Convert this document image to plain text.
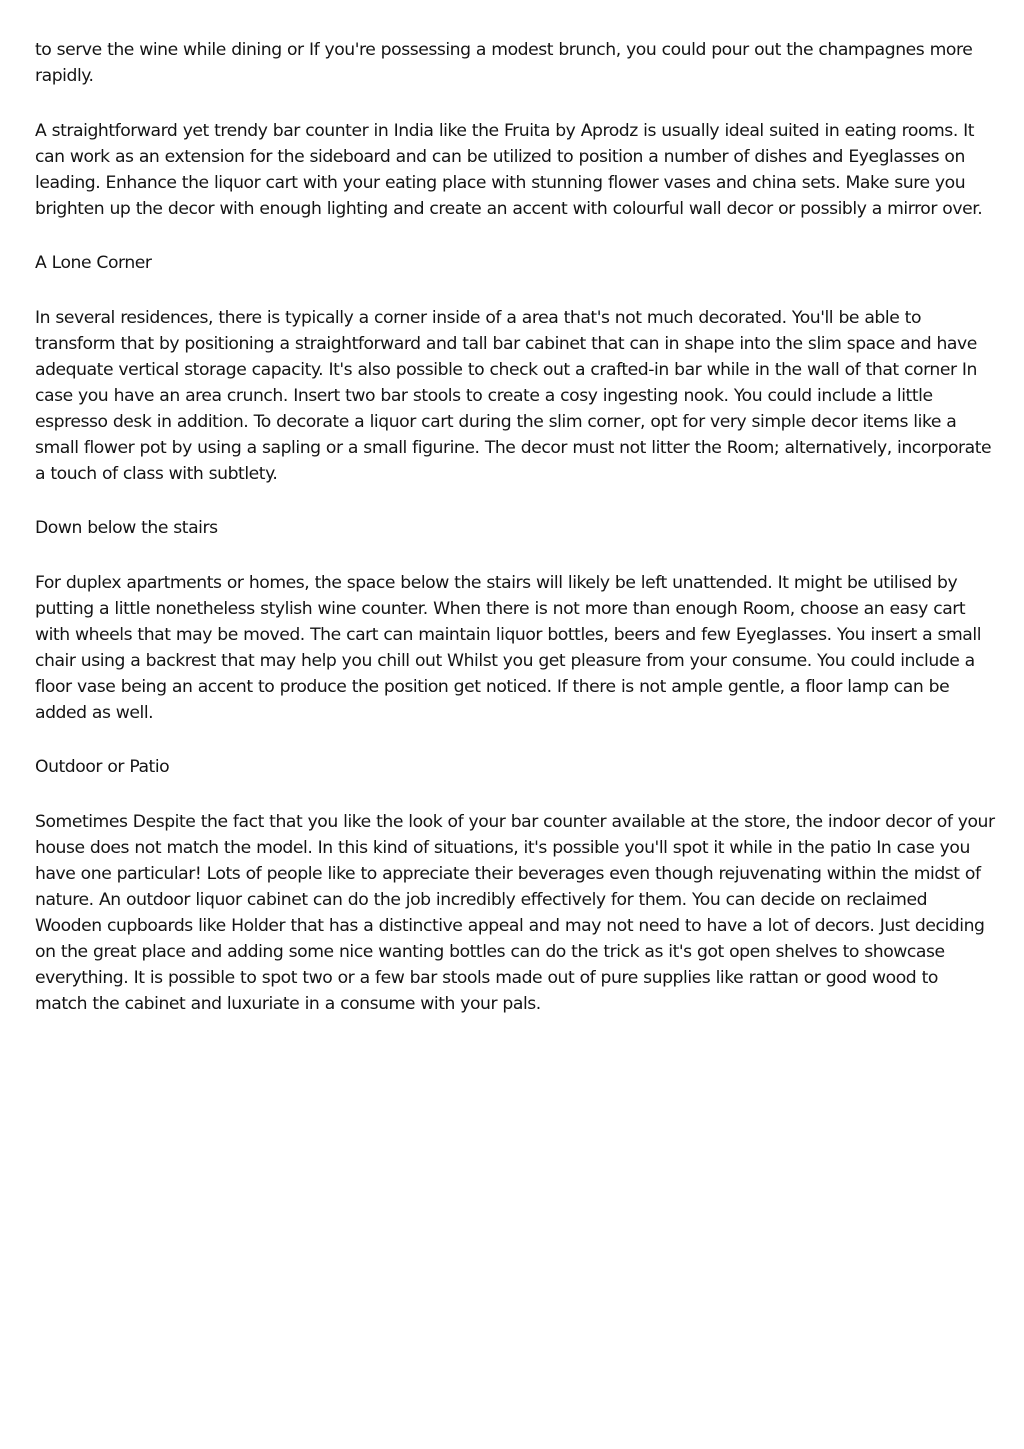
to serve the wine while dining or If you're possessing a modest brunch, you could pour out the champagnes more rapidly.

A straightforward yet trendy bar counter in India like the Fruita by Aprodz is usually ideal suited in eating rooms. It can work as an extension for the sideboard and can be utilized to position a number of dishes and Eyeglasses on leading. Enhance the liquor cart with your eating place with stunning flower vases and china sets. Make sure you brighten up the decor with enough lighting and create an accent with colourful wall decor or possibly a mirror over.

A Lone Corner

In several residences, there is typically a corner inside of a area that's not much decorated. You'll be able to transform that by positioning a straightforward and tall bar cabinet that can in shape into the slim space and have adequate vertical storage capacity. It's also possible to check out a crafted-in bar while in the wall of that corner In case you have an area crunch. Insert two bar stools to create a cosy ingesting nook. You could include a little espresso desk in addition. To decorate a liquor cart during the slim corner, opt for very simple decor items like a small flower pot by using a sapling or a small figurine. The decor must not litter the Room; alternatively, incorporate a touch of class with subtlety.

Down below the stairs

For duplex apartments or homes, the space below the stairs will likely be left unattended. It might be utilised by putting a little nonetheless stylish wine counter. When there is not more than enough Room, choose an easy cart with wheels that may be moved. The cart can maintain liquor bottles, beers and few Eyeglasses. You insert a small chair using a backrest that may help you chill out Whilst you get pleasure from your consume. You could include a floor vase being an accent to produce the position get noticed. If there is not ample gentle, a floor lamp can be added as well.

Outdoor or Patio

Sometimes Despite the fact that you like the look of your bar counter available at the store, the indoor decor of your house does not match the model. In this kind of situations, it's possible you'll spot it while in the patio In case you have one particular! Lots of people like to appreciate their beverages even though rejuvenating within the midst of nature. An outdoor liquor cabinet can do the job incredibly effectively for them. You can decide on reclaimed Wooden cupboards like Holder that has a distinctive appeal and may not need to have a lot of decors. Just deciding on the great place and adding some nice wanting bottles can do the trick as it's got open shelves to showcase everything. It is possible to spot two or a few bar stools made out of pure supplies like rattan or good wood to match the cabinet and luxuriate in a consume with your pals.
